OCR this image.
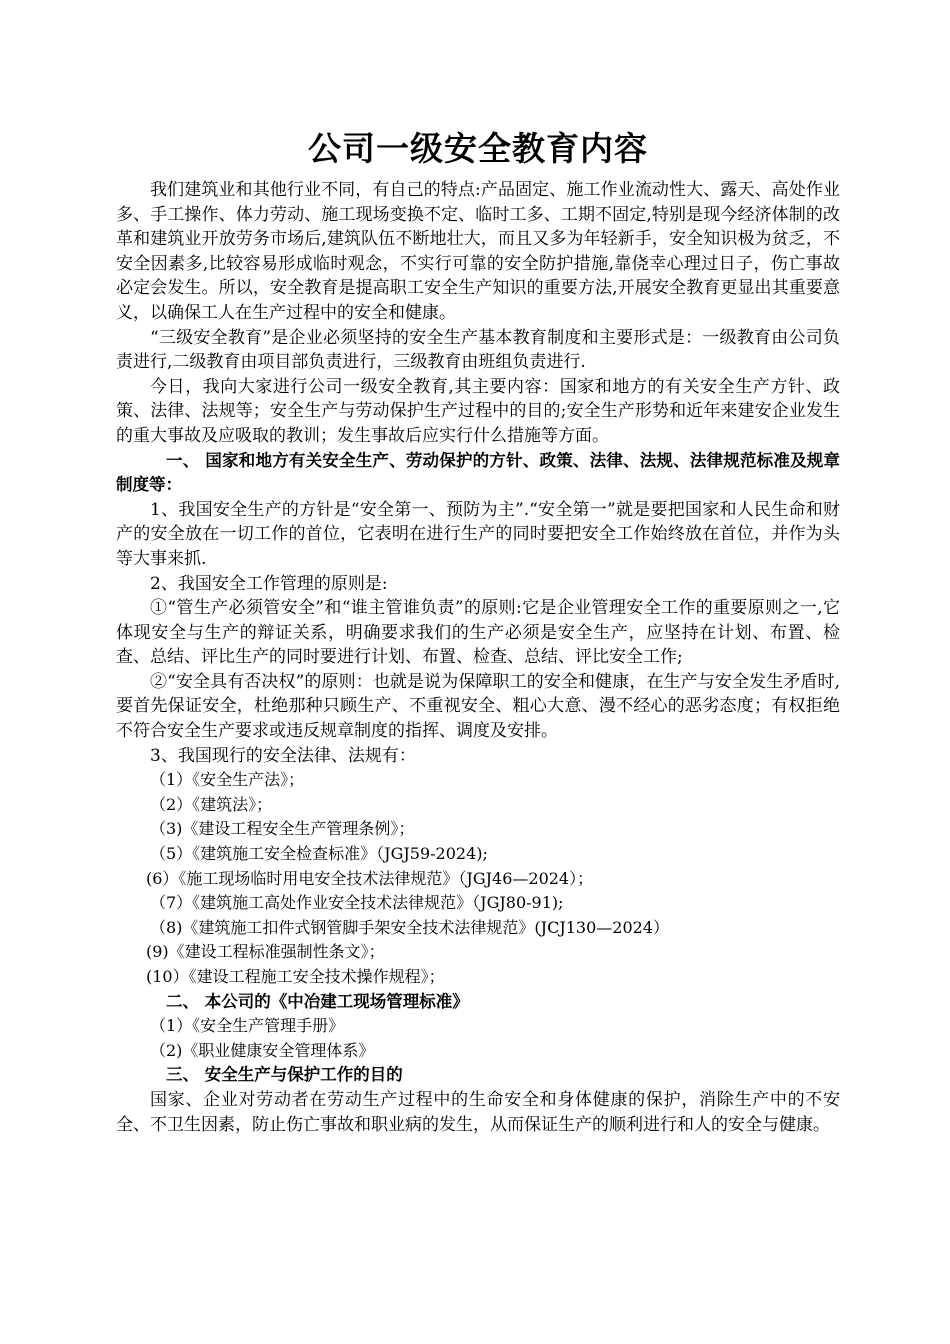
公司一级安全教育内容

我们建筑业和其他行业不同，有自己的特点:产品固定、施工作业流动性大、露天、高处作业多、手工操作、体力劳动、施工现场变换不定、临时工多、工期不固定,特别是现今经济体制的改革和建筑业开放劳务市场后,建筑队伍不断地壮大，而且又多为年轻新手，安全知识极为贫乏，不安全因素多,比较容易形成临时观念，不实行可靠的安全防护措施,靠侥幸心理过日子，伤亡事故必定会发生。所以，安全教育是提高职工安全生产知识的重要方法,开展安全教育更显出其重要意义，以确保工人在生产过程中的安全和健康。

“三级安全教育”是企业必须坚持的安全生产基本教育制度和主要形式是：一级教育由公司负责进行,二级教育由项目部负责进行，三级教育由班组负责进行.

今日，我向大家进行公司一级安全教育,其主要内容：国家和地方的有关安全生产方针、政策、法律、法规等；安全生产与劳动保护生产过程中的目的;安全生产形势和近年来建安企业发生的重大事故及应吸取的教训；发生事故后应实行什么措施等方面。

一、 国家和地方有关安全生产、劳动保护的方针、政策、法律、法规、法律规范标准及规章制度等：

1、我国安全生产的方针是“安全第一、预防为主”.“安全第一”就是要把国家和人民生命和财产的安全放在一切工作的首位，它表明在进行生产的同时要把安全工作始终放在首位，并作为头等大事来抓.

2、我国安全工作管理的原则是:

①“管生产必须管安全”和“谁主管谁负责”的原则:它是企业管理安全工作的重要原则之一,它体现安全与生产的辩证关系，明确要求我们的生产必须是安全生产，应坚持在计划、布置、检查、总结、评比生产的同时要进行计划、布置、检查、总结、评比安全工作;

②“安全具有否决权”的原则：也就是说为保障职工的安全和健康，在生产与安全发生矛盾时,要首先保证安全，杜绝那种只顾生产、不重视安全、粗心大意、漫不经心的恶劣态度；有权拒绝不符合安全生产要求或违反规章制度的指挥、调度及安排。

3、我国现行的安全法律、法规有：

（1）《安全生产法》；

（2）《建筑法》；

（3)《建设工程安全生产管理条例》；

（5）《建筑施工安全检查标准》（JGJ59-2024);

(6）《施工现场临时用电安全技术法律规范》（JGJ46—2024）；

（7）《建筑施工高处作业安全技术法律规范》（JGJ80-91);

（8)《建筑施工扣件式钢管脚手架安全技术法律规范》(JCJ130—2024）

(9)《建设工程标准强制性条文》；

(10）《建设工程施工安全技术操作规程》；

二、 本公司的《中冶建工现场管理标准》

（1）《安全生产管理手册》

（2)《职业健康安全管理体系》

三、 安全生产与保护工作的目的

国家、企业对劳动者在劳动生产过程中的生命安全和身体健康的保护，消除生产中的不安全、不卫生因素，防止伤亡事故和职业病的发生，从而保证生产的顺利进行和人的安全与健康。
